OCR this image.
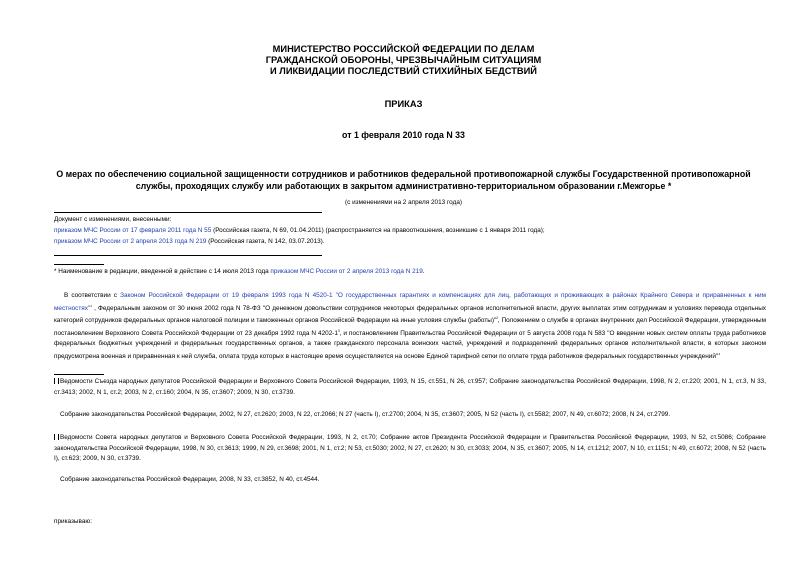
МИНИСТЕРСТВО РОССИЙСКОЙ ФЕДЕРАЦИИ ПО ДЕЛАМ
ГРАЖДАНСКОЙ ОБОРОНЫ, ЧРЕЗВЫЧАЙНЫМ СИТУАЦИЯМ
И ЛИКВИДАЦИИ ПОСЛЕДСТВИЙ СТИХИЙНЫХ БЕДСТВИЙ
ПРИКАЗ
от 1 февраля 2010 года N 33
О мерах по обеспечению социальной защищенности сотрудников и работников федеральной противопожарной службы Государственной противопожарной
службы, проходящих службу или работающих в закрытом административно-территориальном образовании г.Межгорье *
(с изменениями на 2 апреля 2013 года)
Документ с изменениями, внесенными:
приказом МЧС России от 17 февраля 2011 года N 55 (Российская газета, N 69, 01.04.2011) (распространяется на правоотношения, возникшие с 1 января 2011 года);
приказом МЧС России от 2 апреля 2013 года N 219 (Российская газета, N 142, 03.07.2013).
* Наименование в редакции, введенной в действие с 14 июля 2013 года приказом МЧС России от 2 апреля 2013 года N 219.
В соответствии с Законом Российской Федерации от 19 февраля 1993 года N 4520-1 "О государственных гарантиях и компенсациях для лиц, работающих и проживающих в районах Крайнего Севера и приравненных к ним местностях"$^{^1}$ , Федеральным законом от 30 июня 2002 года N 78-ФЗ "О денежном довольствии сотрудников некоторых федеральных органов исполнительной власти, других выплатах этим сотрудникам и условиях перевода отдельных категорий сотрудников федеральных органов налоговой полиции и таможенных органов Российской Федерации на иные условия службы (работы)"$^{^2}$, Положением о службе в органах внутренних дел Российской Федерации, утвержденным постановлением Верховного Совета Российской Федерации от 23 декабря 1992 года N $4202-1^{^3}$, и постановлением Правительства Российской Федерации от 5 августа 2008 года N 583 "О введении новых систем оплаты труда работников федеральных бюджетных учреждений и федеральных государственных органов, а также гражданского персонала воинских частей, учреждений и подразделений федеральных органов исполнительной власти, в которых законом предусмотрена военная и приравненная к ней служба, оплата труда которых в настоящее время осуществляется на основе Единой тарифной сетки по оплате труда работников федеральных государственных учреждений"$^{^4}$
Ведомости Съезда народных депутатов Российской Федерации и Верховного Совета Российской Федерации, 1993, N 15, ст.551, N 26, ст.957; Собрание законодательства Российской Федерации, 1998, N 2, ст.220; 2001, N 1, ст.3, N 33, ст.3413; 2002, N 1, ст.2; 2003, N 2, ст.160; 2004, N 35, ст.3607; 2009, N 30, ст.3739.
Собрание законодательства Российской Федерации, 2002, N 27, ст.2620; 2003, N 22, ст.2066; N 27 (часть I), ст.2700; 2004, N 35, ст.3607; 2005, N 52 (часть I), ст.5582; 2007, N 49, ст.6072; 2008, N 24, ст.2799.
Ведомости Совета народных депутатов и Верховного Совета Российской Федерации, 1993, N 2, ст.70; Собрание актов Президента Российской Федерации и Правительства Российской Федерации, 1993, N 52, ст.5086; Собрание законодательства Российской Федерации, 1998, N 30, ст.3613; 1999, N 29, ст.3698; 2001, N 1, ст.2; N 53, ст.5030; 2002, N 27, ст.2620; N 30, ст.3033; 2004, N 35, ст.3607; 2005, N 14, ст.1212; 2007, N 10, ст.1151; N 49, ст.6072; 2008, N 52 (часть I), ст.623; 2009, N 30, ст.3739.
Собрание законодательства Российской Федерации, 2008, N 33, ст.3852, N 40, ст.4544.
приказываю:
